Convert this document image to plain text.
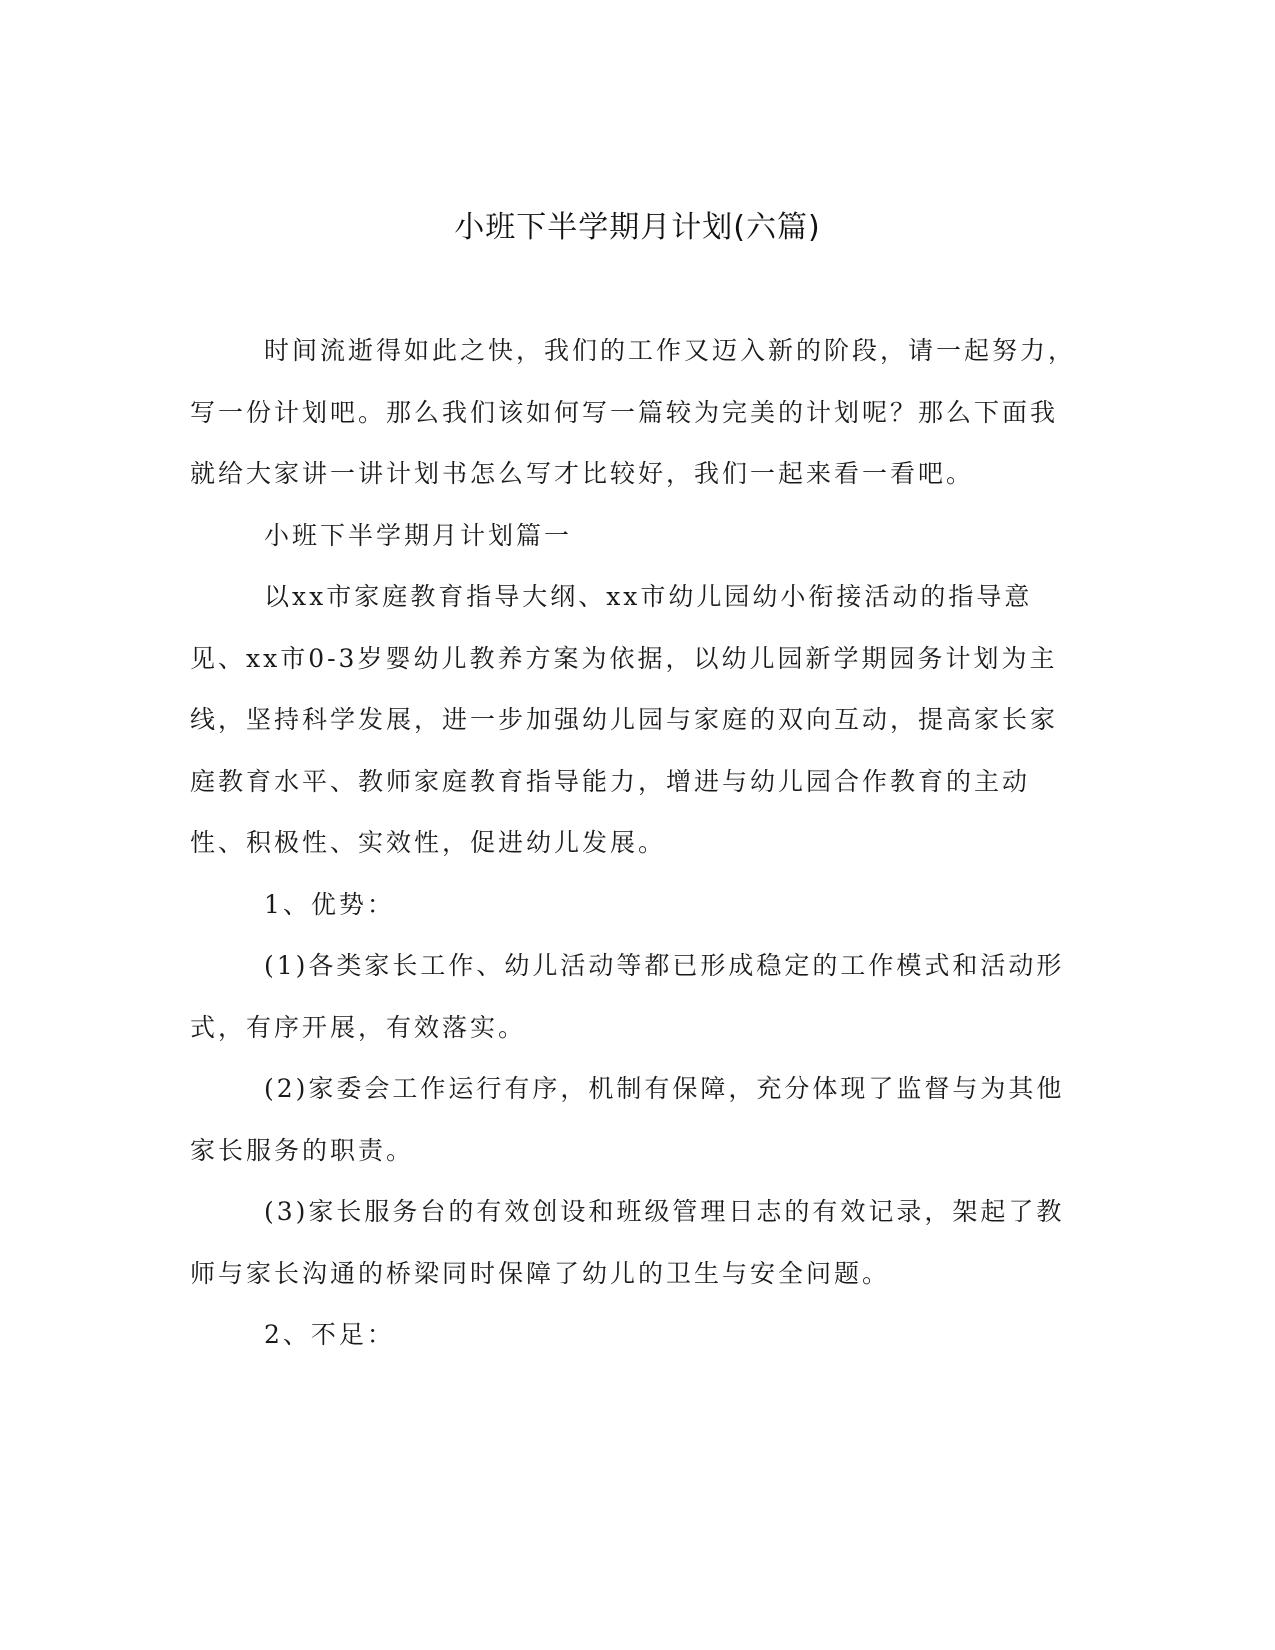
小班下半学期月计划(六篇)

时间流逝得如此之快，我们的工作又迈入新的阶段，请一起努力，写一份计划吧。那么我们该如何写一篇较为完美的计划呢？那么下面我就给大家讲一讲计划书怎么写才比较好，我们一起来看一看吧。

小班下半学期月计划篇一

以xx市家庭教育指导大纲、xx市幼儿园幼小衔接活动的指导意见、xx市0-3岁婴幼儿教养方案为依据，以幼儿园新学期园务计划为主线，坚持科学发展，进一步加强幼儿园与家庭的双向互动，提高家长家庭教育水平、教师家庭教育指导能力，增进与幼儿园合作教育的主动性、积极性、实效性，促进幼儿发展。

1、优势：

(1)各类家长工作、幼儿活动等都已形成稳定的工作模式和活动形式，有序开展，有效落实。

(2)家委会工作运行有序，机制有保障，充分体现了监督与为其他家长服务的职责。

(3)家长服务台的有效创设和班级管理日志的有效记录，架起了教师与家长沟通的桥梁同时保障了幼儿的卫生与安全问题。

2、不足：
